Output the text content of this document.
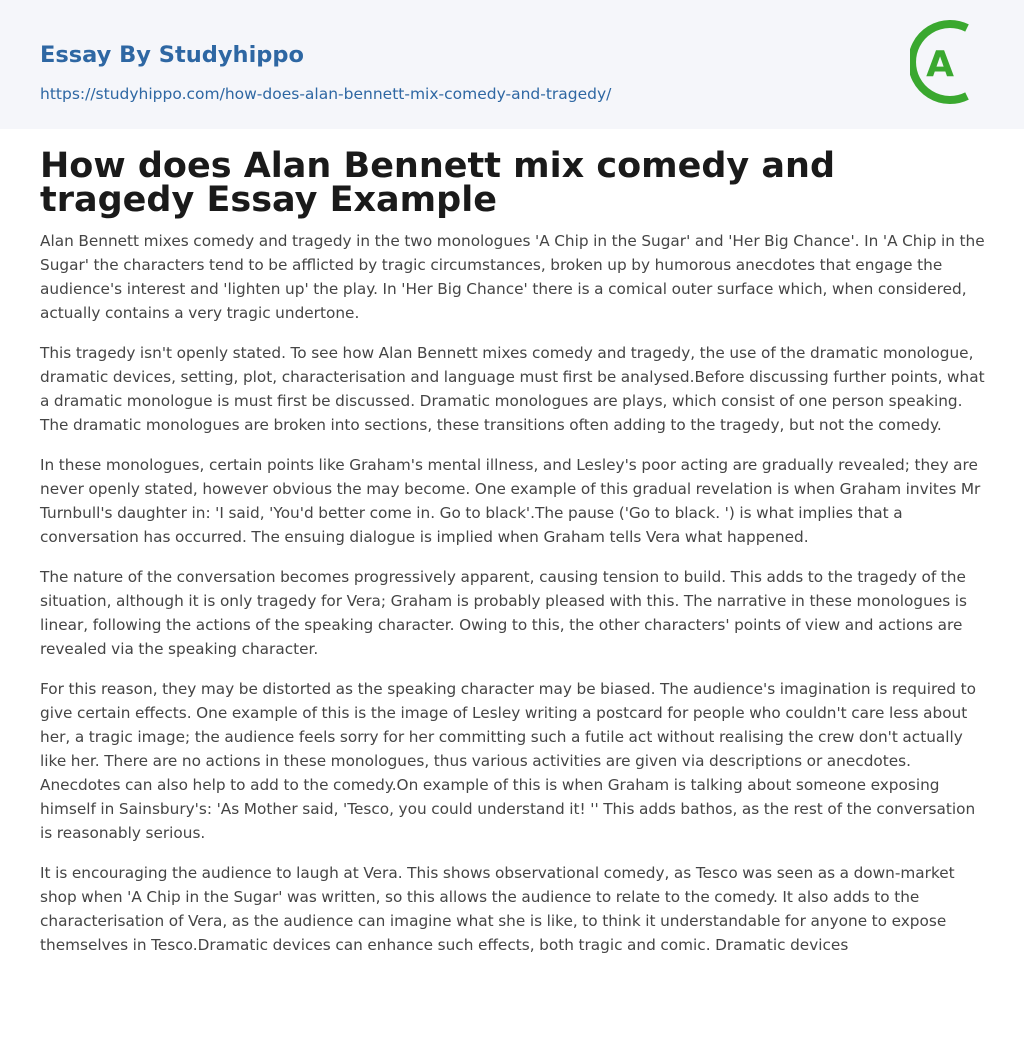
Essay By Studyhippo
https://studyhippo.com/how-does-alan-bennett-mix-comedy-and-tragedy/
A
How does Alan Bennett mix comedy and tragedy Essay Example

Alan Bennett mixes comedy and tragedy in the two monologues 'A Chip in the Sugar' and 'Her Big Chance'. In 'A Chip in the Sugar' the characters tend to be afflicted by tragic circumstances, broken up by humorous anecdotes that engage the audience's interest and 'lighten up' the play. In 'Her Big Chance' there is a comical outer surface which, when considered, actually contains a very tragic undertone.

This tragedy isn't openly stated. To see how Alan Bennett mixes comedy and tragedy, the use of the dramatic monologue, dramatic devices, setting, plot, characterisation and language must first be analysed.Before discussing further points, what a dramatic monologue is must first be discussed. Dramatic monologues are plays, which consist of one person speaking. The dramatic monologues are broken into sections, these transitions often adding to the tragedy, but not the comedy.

In these monologues, certain points like Graham's mental illness, and Lesley's poor acting are gradually revealed; they are never openly stated, however obvious the may become. One example of this gradual revelation is when Graham invites Mr Turnbull's daughter in: 'I said, 'You'd better come in. Go to black'.The pause ('Go to black. ') is what implies that a conversation has occurred. The ensuing dialogue is implied when Graham tells Vera what happened.

The nature of the conversation becomes progressively apparent, causing tension to build. This adds to the tragedy of the situation, although it is only tragedy for Vera; Graham is probably pleased with this. The narrative in these monologues is linear, following the actions of the speaking character. Owing to this, the other characters' points of view and actions are revealed via the speaking character.

For this reason, they may be distorted as the speaking character may be biased. The audience's imagination is required to give certain effects. One example of this is the image of Lesley writing a postcard for people who couldn't care less about her, a tragic image; the audience feels sorry for her committing such a futile act without realising the crew don't actually like her. There are no actions in these monologues, thus various activities are given via descriptions or anecdotes. Anecdotes can also help to add to the comedy.On example of this is when Graham is talking about someone exposing himself in Sainsbury's: 'As Mother said, 'Tesco, you could understand it! '' This adds bathos, as the rest of the conversation is reasonably serious.

It is encouraging the audience to laugh at Vera. This shows observational comedy, as Tesco was seen as a down-market shop when 'A Chip in the Sugar' was written, so this allows the audience to relate to the comedy. It also adds to the characterisation of Vera, as the audience can imagine what she is like, to think it understandable for anyone to expose themselves in Tesco.Dramatic devices can enhance such effects, both tragic and comic. Dramatic devices
